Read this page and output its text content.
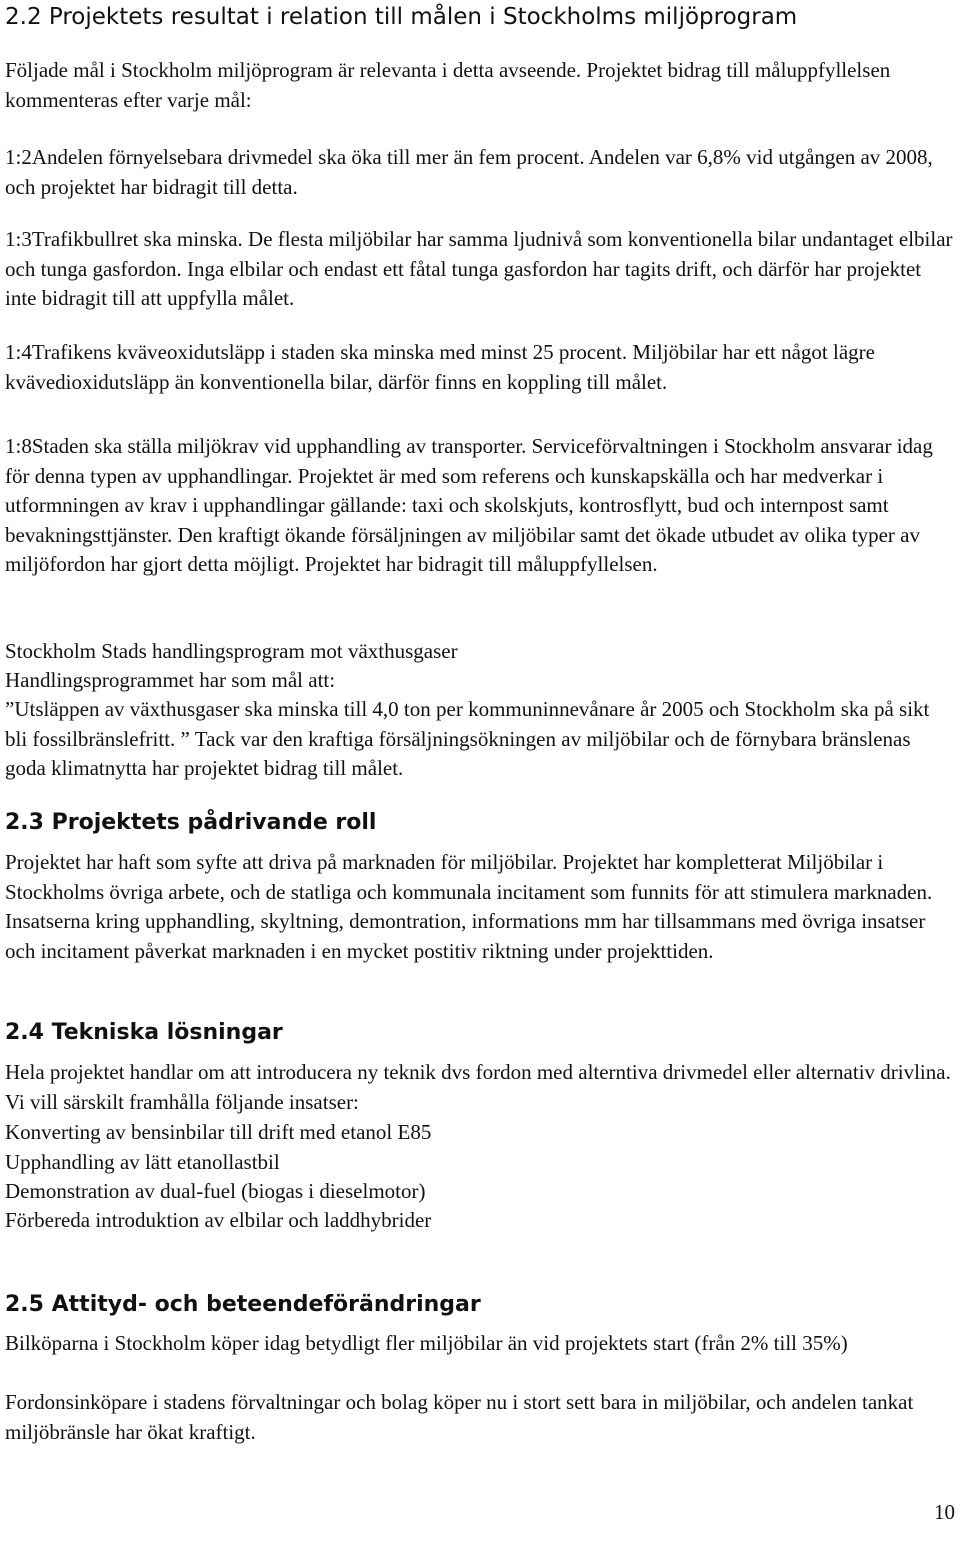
2.2 Projektets resultat i relation till målen i Stockholms miljöprogram

Följade mål i Stockholm miljöprogram är relevanta i detta avseende. Projektet bidrag till måluppfyllelsen kommenteras efter varje mål:

1:2Andelen förnyelsebara drivmedel ska öka till mer än fem procent. Andelen var 6,8% vid utgången av 2008, och projektet har bidragit till detta.
1:3Trafikbullret ska minska. De flesta miljöbilar har samma ljudnivå som konventionella bilar undantaget elbilar och tunga gasfordon. Inga elbilar och endast ett fåtal tunga gasfordon har tagits drift, och därför har projektet inte bidragit till att uppfylla målet.
1:4Trafikens kväveoxidutsläpp i staden ska minska med minst 25 procent. Miljöbilar har ett något lägre kvävedioxidutsläpp än konventionella bilar, därför finns en koppling till målet.
1:8Staden ska ställa miljökrav vid upphandling av transporter. Serviceförvaltningen i Stockholm ansvarar idag för denna typen av upphandlingar. Projektet är med som referens och kunskapskälla och har medverkar i utformningen av krav i upphandlingar gällande: taxi och skolskjuts, kontrosflytt, bud och internpost samt bevakningsttjänster. Den kraftigt ökande försäljningen av miljöbilar samt det ökade utbudet av olika typer av miljöfordon har gjort detta möjligt. Projektet har bidragit till måluppfyllelsen.

Stockholm Stads handlingsprogram mot växthusgaser

Handlingsprogrammet har som mål att:

”Utsläppen av växthusgaser ska minska till 4,0 ton per kommuninnevånare år 2005 och Stockholm ska på sikt bli fossilbränslefritt. ” Tack var den kraftiga försäljningsökningen av miljöbilar och de förnybara bränslenas goda klimatnytta har projektet bidrag till målet.

2.3 Projektets pådrivande roll

Projektet har haft som syfte att driva på marknaden för miljöbilar. Projektet har kompletterat Miljöbilar i Stockholms övriga arbete, och de statliga och kommunala incitament som funnits för att stimulera marknaden. Insatserna kring upphandling, skyltning, demontration, informations mm har tillsammans med övriga insatser och incitament påverkat marknaden i en mycket postitiv riktning under projekttiden.

2.4 Tekniska lösningar

Hela projektet handlar om att introducera ny teknik dvs fordon med alterntiva drivmedel eller alternativ drivlina. Vi vill särskilt framhålla följande insatser:

Konverting av bensinbilar till drift med etanol E85

Upphandling av lätt etanollastbil

Demonstration av dual-fuel (biogas i dieselmotor)

Förbereda introduktion av elbilar och laddhybrider

2.5 Attityd- och beteendeförändringar

Bilköparna i Stockholm köper idag betydligt fler miljöbilar än vid projektets start (från 2% till 35%)

Fordonsinköpare i stadens förvaltningar och bolag köper nu i stort sett bara in miljöbilar, och andelen tankat miljöbränsle har ökat kraftigt.

10
